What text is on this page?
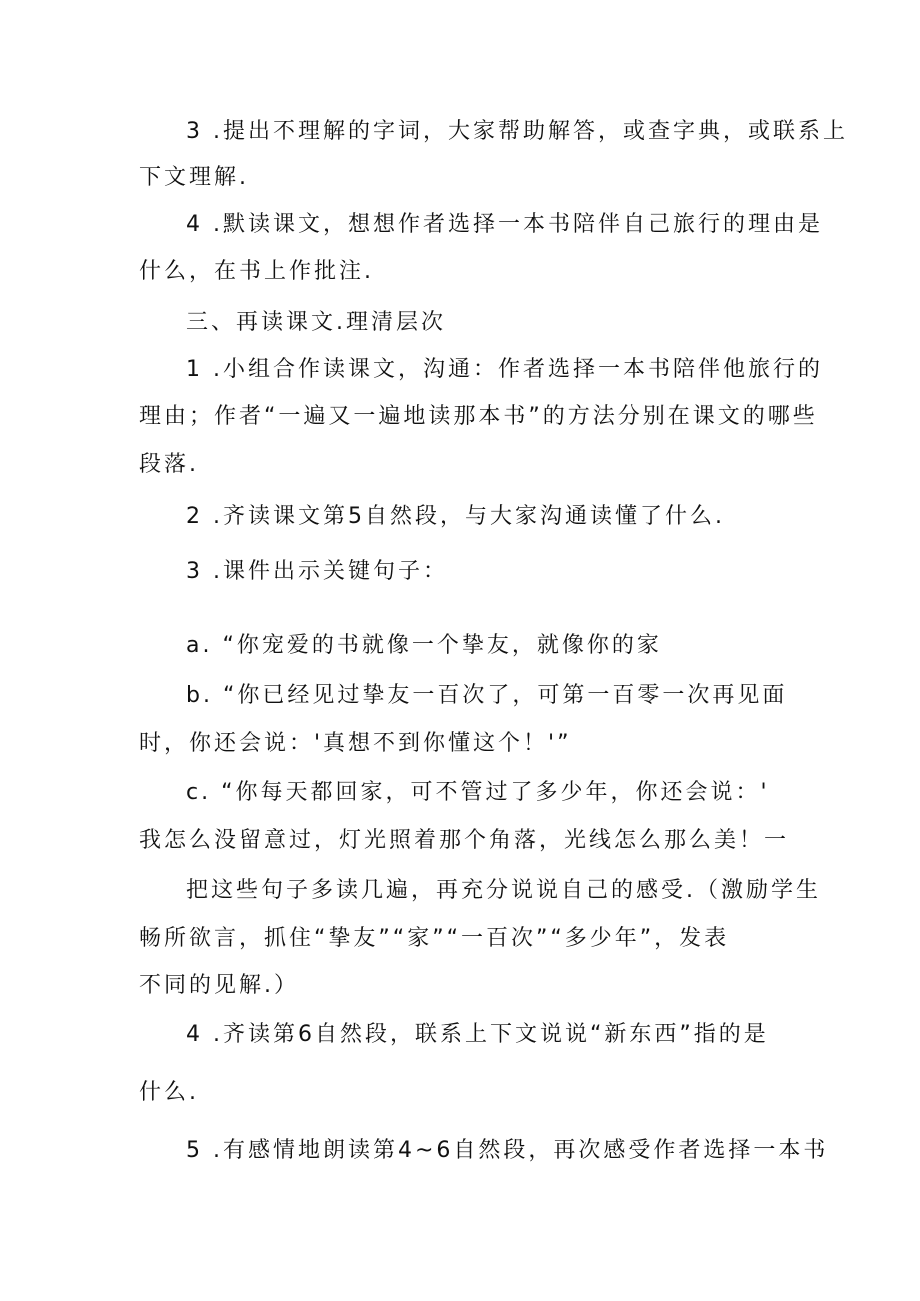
3 .提出不理解的字词，大家帮助解答，或查字典，或联系上
下文理解.
4 .默读课文，想想作者选择一本书陪伴自己旅行的理由是
什么，在书上作批注.
三、再读课文.理清层次
1 .小组合作读课文，沟通：作者选择一本书陪伴他旅行的
理由；作者“一遍又一遍地读那本书”的方法分别在课文的哪些
段落.
2 .齐读课文第5自然段，与大家沟通读懂了什么.
3 .课件出示关键句子：
a. “你宠爱的书就像一个挚友，就像你的家
b. “你已经见过挚友一百次了，可第一百零一次再见面
时，你还会说：'真想不到你懂这个！'”
c. “你每天都回家，可不管过了多少年，你还会说：'
我怎么没留意过，灯光照着那个角落，光线怎么那么美！一
把这些句子多读几遍，再充分说说自己的感受.（激励学生
畅所欲言，抓住“挚友”“家”“一百次”“多少年”，发表
不同的见解.）
4 .齐读第6自然段，联系上下文说说“新东西”指的是
什么.
5 .有感情地朗读第4~6自然段，再次感受作者选择一本书
